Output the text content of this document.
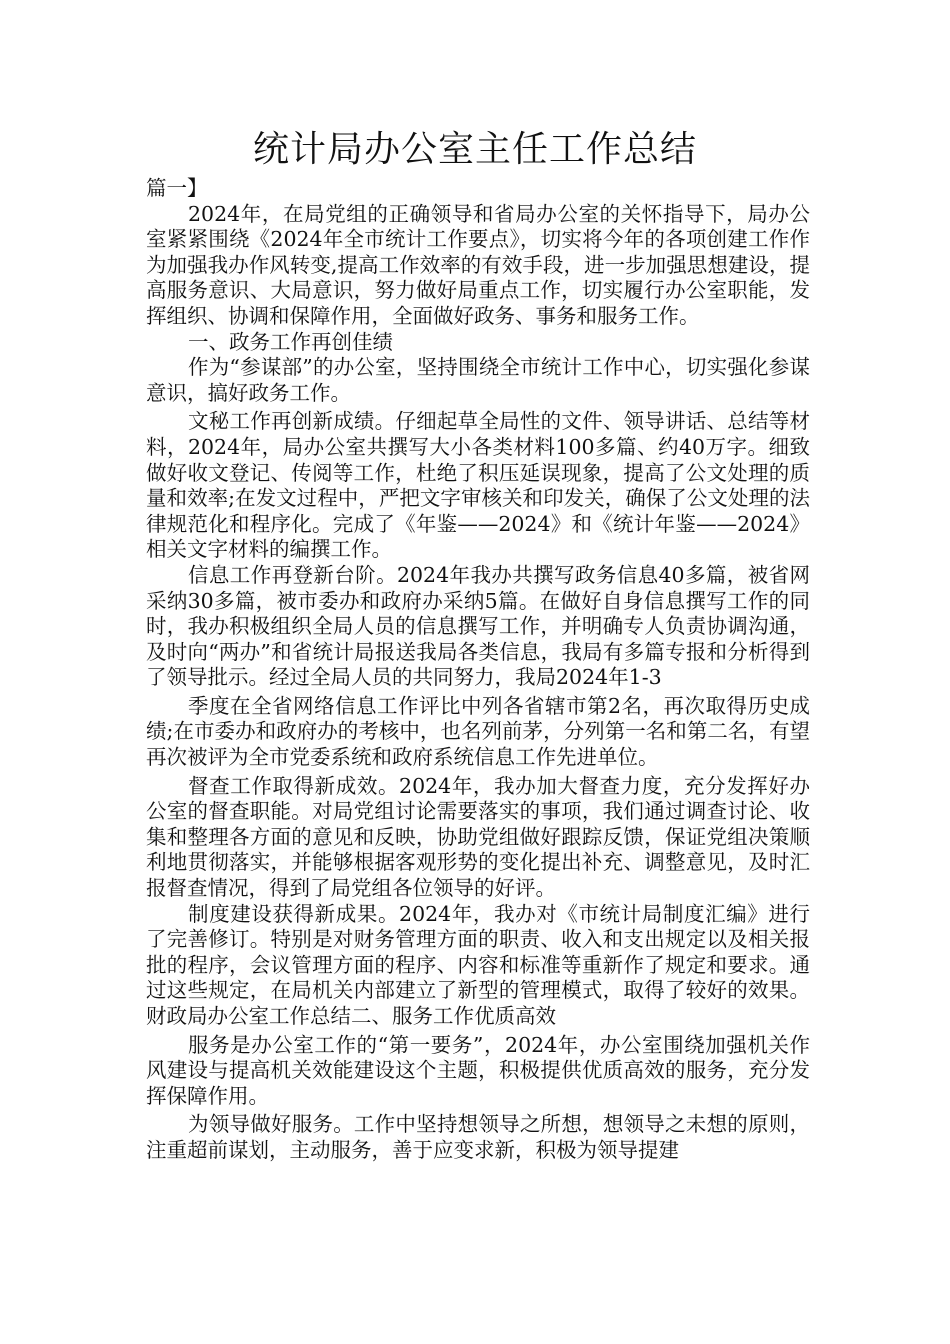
统计局办公室主任工作总结

篇一】

2024年，在局党组的正确领导和省局办公室的关怀指导下，局办公室紧紧围绕《2024年全市统计工作要点》，切实将今年的各项创建工作作为加强我办作风转变,提高工作效率的有效手段，进一步加强思想建设，提高服务意识、大局意识，努力做好局重点工作，切实履行办公室职能，发挥组织、协调和保障作用，全面做好政务、事务和服务工作。

一、政务工作再创佳绩

作为“参谋部”的办公室，坚持围绕全市统计工作中心，切实强化参谋意识，搞好政务工作。

文秘工作再创新成绩。仔细起草全局性的文件、领导讲话、总结等材料，2024年，局办公室共撰写大小各类材料100多篇、约40万字。细致做好收文登记、传阅等工作，杜绝了积压延误现象，提高了公文处理的质量和效率;在发文过程中，严把文字审核关和印发关，确保了公文处理的法律规范化和程序化。完成了《年鉴——2024》和《统计年鉴——2024》相关文字材料的编撰工作。

信息工作再登新台阶。2024年我办共撰写政务信息40多篇，被省网采纳30多篇，被市委办和政府办采纳5篇。在做好自身信息撰写工作的同时，我办积极组织全局人员的信息撰写工作，并明确专人负责协调沟通，及时向“两办”和省统计局报送我局各类信息，我局有多篇专报和分析得到了领导批示。经过全局人员的共同努力，我局2024年1-3

季度在全省网络信息工作评比中列各省辖市第2名，再次取得历史成绩;在市委办和政府办的考核中，也名列前茅，分列第一名和第二名，有望再次被评为全市党委系统和政府系统信息工作先进单位。

督查工作取得新成效。2024年，我办加大督查力度，充分发挥好办公室的督查职能。对局党组讨论需要落实的事项，我们通过调查讨论、收集和整理各方面的意见和反映，协助党组做好跟踪反馈，保证党组决策顺利地贯彻落实，并能够根据客观形势的变化提出补充、调整意见，及时汇报督查情况，得到了局党组各位领导的好评。

制度建设获得新成果。2024年，我办对《市统计局制度汇编》进行了完善修订。特别是对财务管理方面的职责、收入和支出规定以及相关报批的程序，会议管理方面的程序、内容和标准等重新作了规定和要求。通过这些规定，在局机关内部建立了新型的管理模式，取得了较好的效果。财政局办公室工作总结二、服务工作优质高效

服务是办公室工作的“第一要务”，2024年，办公室围绕加强机关作风建设与提高机关效能建设这个主题，积极提供优质高效的服务，充分发挥保障作用。

为领导做好服务。工作中坚持想领导之所想，想领导之未想的原则，注重超前谋划，主动服务，善于应变求新，积极为领导提建
